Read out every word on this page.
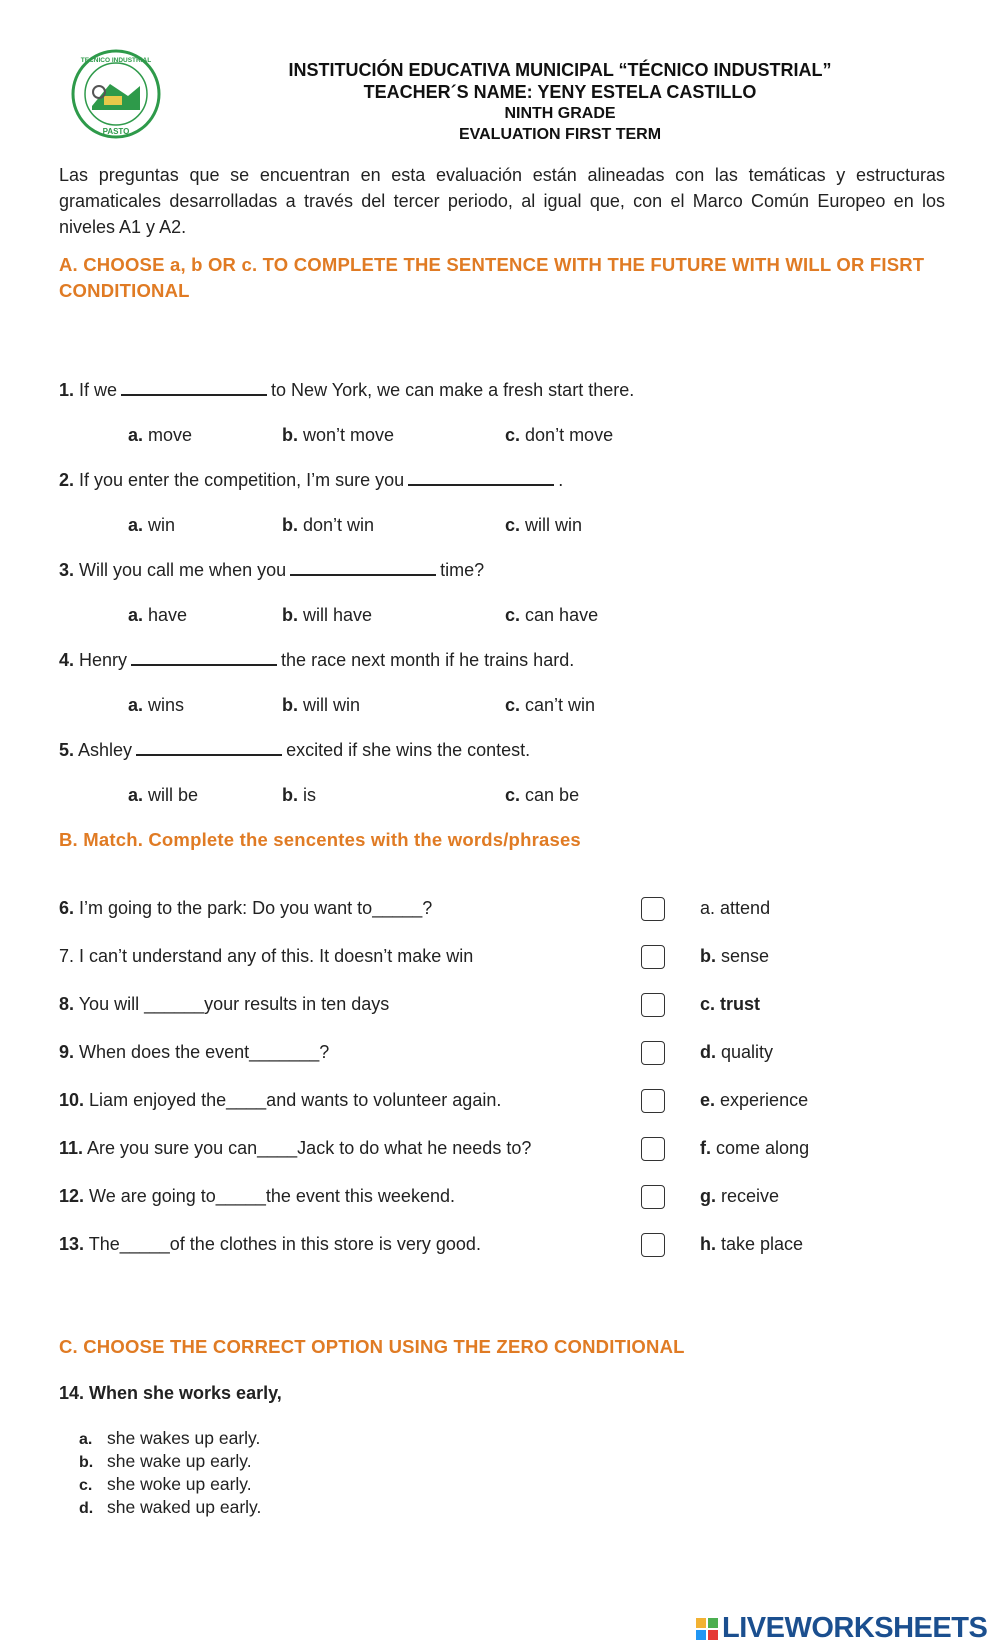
PASTO
TECNICO INDUSTRIAL	INSTITUCIÓN EDUCATIVA MUNICIPAL “TÉCNICO INDUSTRIAL”
TEACHER´S NAME: YENY ESTELA CASTILLO
NINTH GRADE
EVALUATION FIRST TERM
Las preguntas que se encuentran en esta evaluación están alineadas con las temáticas y estructuras gramaticales desarrolladas a través del tercer periodo, al igual que, con el Marco Común Europeo en los niveles A1 y A2.
A. CHOOSE a, b OR c. TO COMPLETE THE SENTENCE WITH THE FUTURE WITH WILL OR FISRT CONDITIONAL
1. If we	to New York, we can make a fresh start there.
a. move	b. won’t move	c. don’t move
2. If you enter the competition, I’m sure you	.
a. win	b. don’t win	c. will win
3. Will you call me when you	time?
a. have	b. will have	c. can have
4. Henry	the race next month if he trains hard.
a. wins	b. will win	c. can’t win
5. Ashley	excited if she wins the contest.
a. will be	b. is	c. can be
B. Match. Complete the sencentes with the words/phrases
6. I’m going to the park: Do you want to_____?	a. attend
7. I can’t understand any of this. It doesn’t make win	b. sense
8. You will ______your results in ten days	c. trust
9. When does the event_______?	d. quality
10. Liam enjoyed the____and wants to volunteer again.	e. experience
11. Are you sure you can____Jack to do what he needs to?	f. come along
12. We are going to_____the event this weekend.	g. receive
13. The_____of the clothes in this store is very good.	h. take place
C. CHOOSE THE CORRECT OPTION USING THE ZERO CONDITIONAL
14. When she works early,
a. she wakes up early.
b. she wake up early.
c. she woke up early.
d. she waked up early.
LIVEWORKSHEETS
